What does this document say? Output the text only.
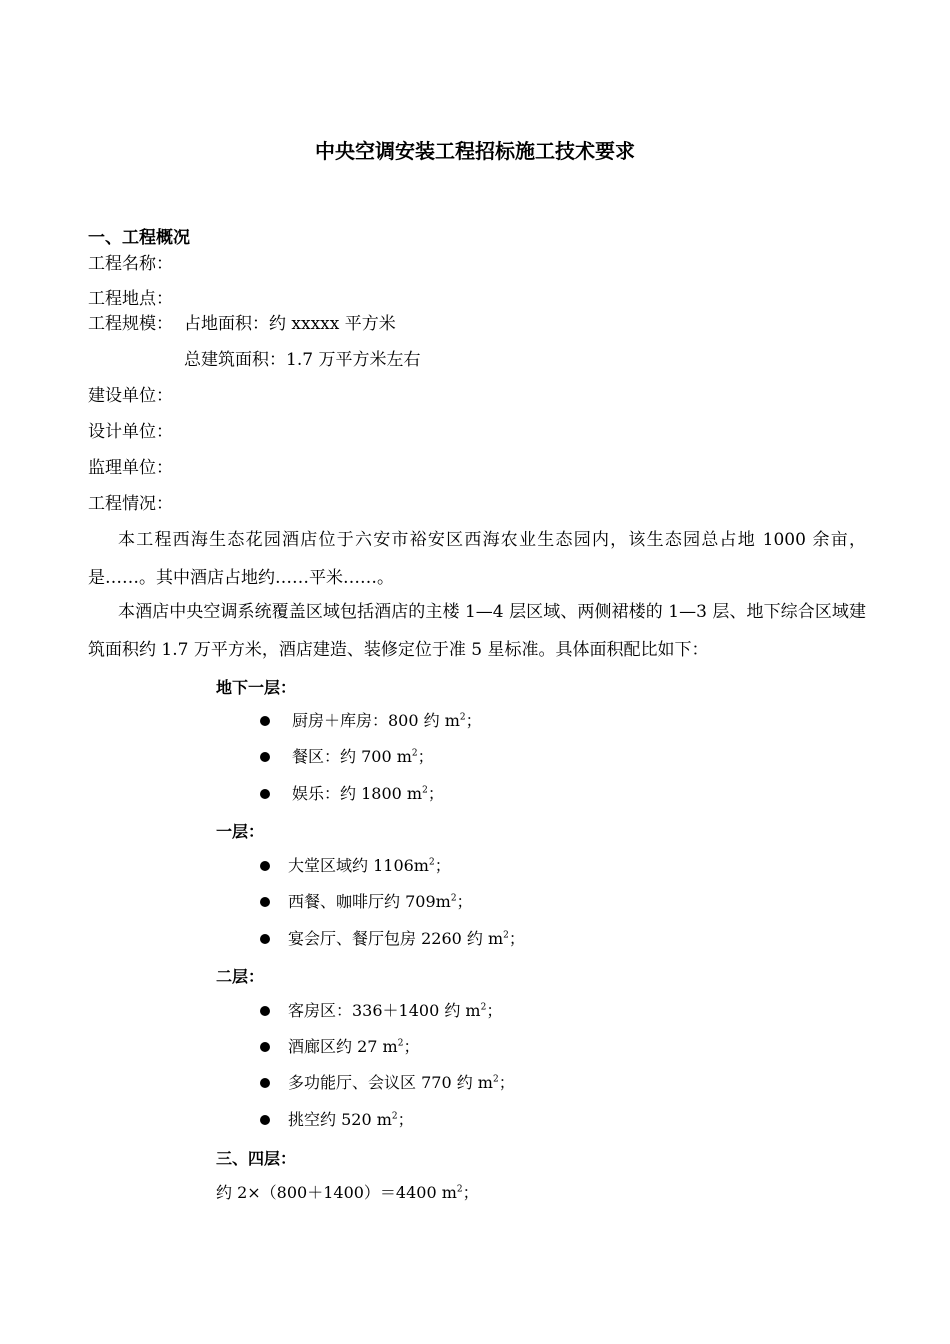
中央空调安装工程招标施工技术要求
一、工程概况
工程名称：
工程地点：
工程规模： 占地面积：约 xxxxx 平方米
总建筑面积：1.7 万平方米左右
建设单位：
设计单位：
监理单位：
工程情况：
本工程西海生态花园酒店位于六安市裕安区西海农业生态园内，该生态园总占地 1000 余亩，是……。其中酒店占地约……平米……。
本酒店中央空调系统覆盖区域包括酒店的主楼 1—4 层区域、两侧裙楼的 1—3 层、地下综合区域建筑面积约 1.7 万平方米，酒店建造、装修定位于准 5 星标准。具体面积配比如下：
地下一层：
厨房＋库房：800 约 $m^2$；
餐区：约 700 $m^2$；
娱乐：约 1800 $m^2$；
一层：
大堂区域约 $1106m^2$；
西餐、咖啡厅约 $709m^2$；
宴会厅、餐厅包房 2260 约 $m^2$；
二层：
客房区：336＋1400 约 $m^2$；
酒廊区约 27 $m^2$；
多功能厅、会议区 770 约 $m^2$；
挑空约 520 $m^2$；
三、四层：
约 2×（800＋1400）＝4400 $m^2$；
